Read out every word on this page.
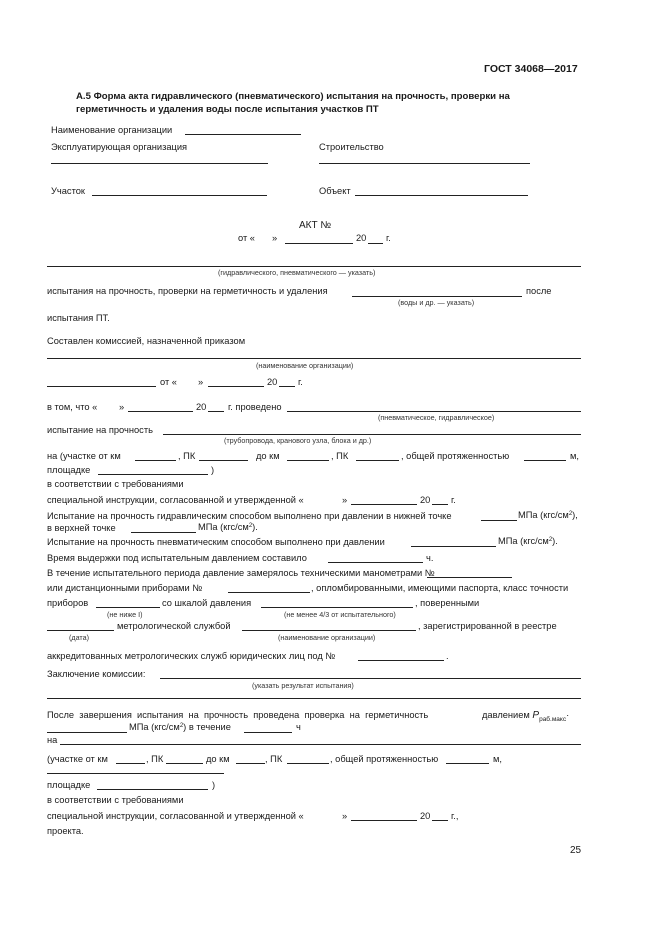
ГОСТ 34068—2017
А.5 Форма акта гидравлического (пневматического) испытания на прочность, проверки на
герметичность и удаления воды после испытания участков ПТ
Наименование организации
Эксплуатирующая организация	Строительство
Участок	Объект
АКТ №
от « »	20 г.
(гидравлического, пневматического — указать)
испытания на прочность, проверки на герметичность и удаления	после
(воды и др. — указать)
испытания ПТ.
Составлен комиссией, назначенной приказом
(наименование организации)
от « »	20 г.
в том, что « »	20 г. проведено
(пневматическое, гидравлическое)
испытание на прочность
(трубопровода, кранового узла, блока и др.)
на (участке от км	, ПК	до км	, ПК	, общей протяженностью	м,
площадке	)
в соответствии с требованиями
специальной инструкции, согласованной и утвержденной «	»	20 г.
Испытание на прочность гидравлическим способом выполнено при давлении в нижней точке	МПа $(кгс/см^2)$,
в верхней точке	МПа $(кгс/см^2)$.
Испытание на прочность пневматическим способом выполнено при давлении	МПа $(кгс/см^2)$.
Время выдержки под испытательным давлением составило	ч.
В течение испытательного периода давление замерялось техническими манометрами №
или дистанционными приборами №	, опломбированными, имеющими паспорта, класс точности
приборов	со шкалой давления	, поверенными
(не ниже I)	(не менее 4/3 от испытательного)
метрологической службой	, зарегистрированной в реестре
(дата)	(наименование организации)
аккредитованных метрологических служб юридических лиц под №	.
Заключение комиссии:
(указать результат испытания)
После завершения испытания на прочность проведена проверка на герметичность	давлением $P_{раб.макс}\cdot$
МПа $(кгс/см^2)$ в течение	ч
на
(участке от км	, ПК	до км	, ПК	, общей протяженностью	м,
площадке	)
в соответствии с требованиями
специальной инструкции, согласованной и утвержденной «	»	20 г.,
проекта.
25
